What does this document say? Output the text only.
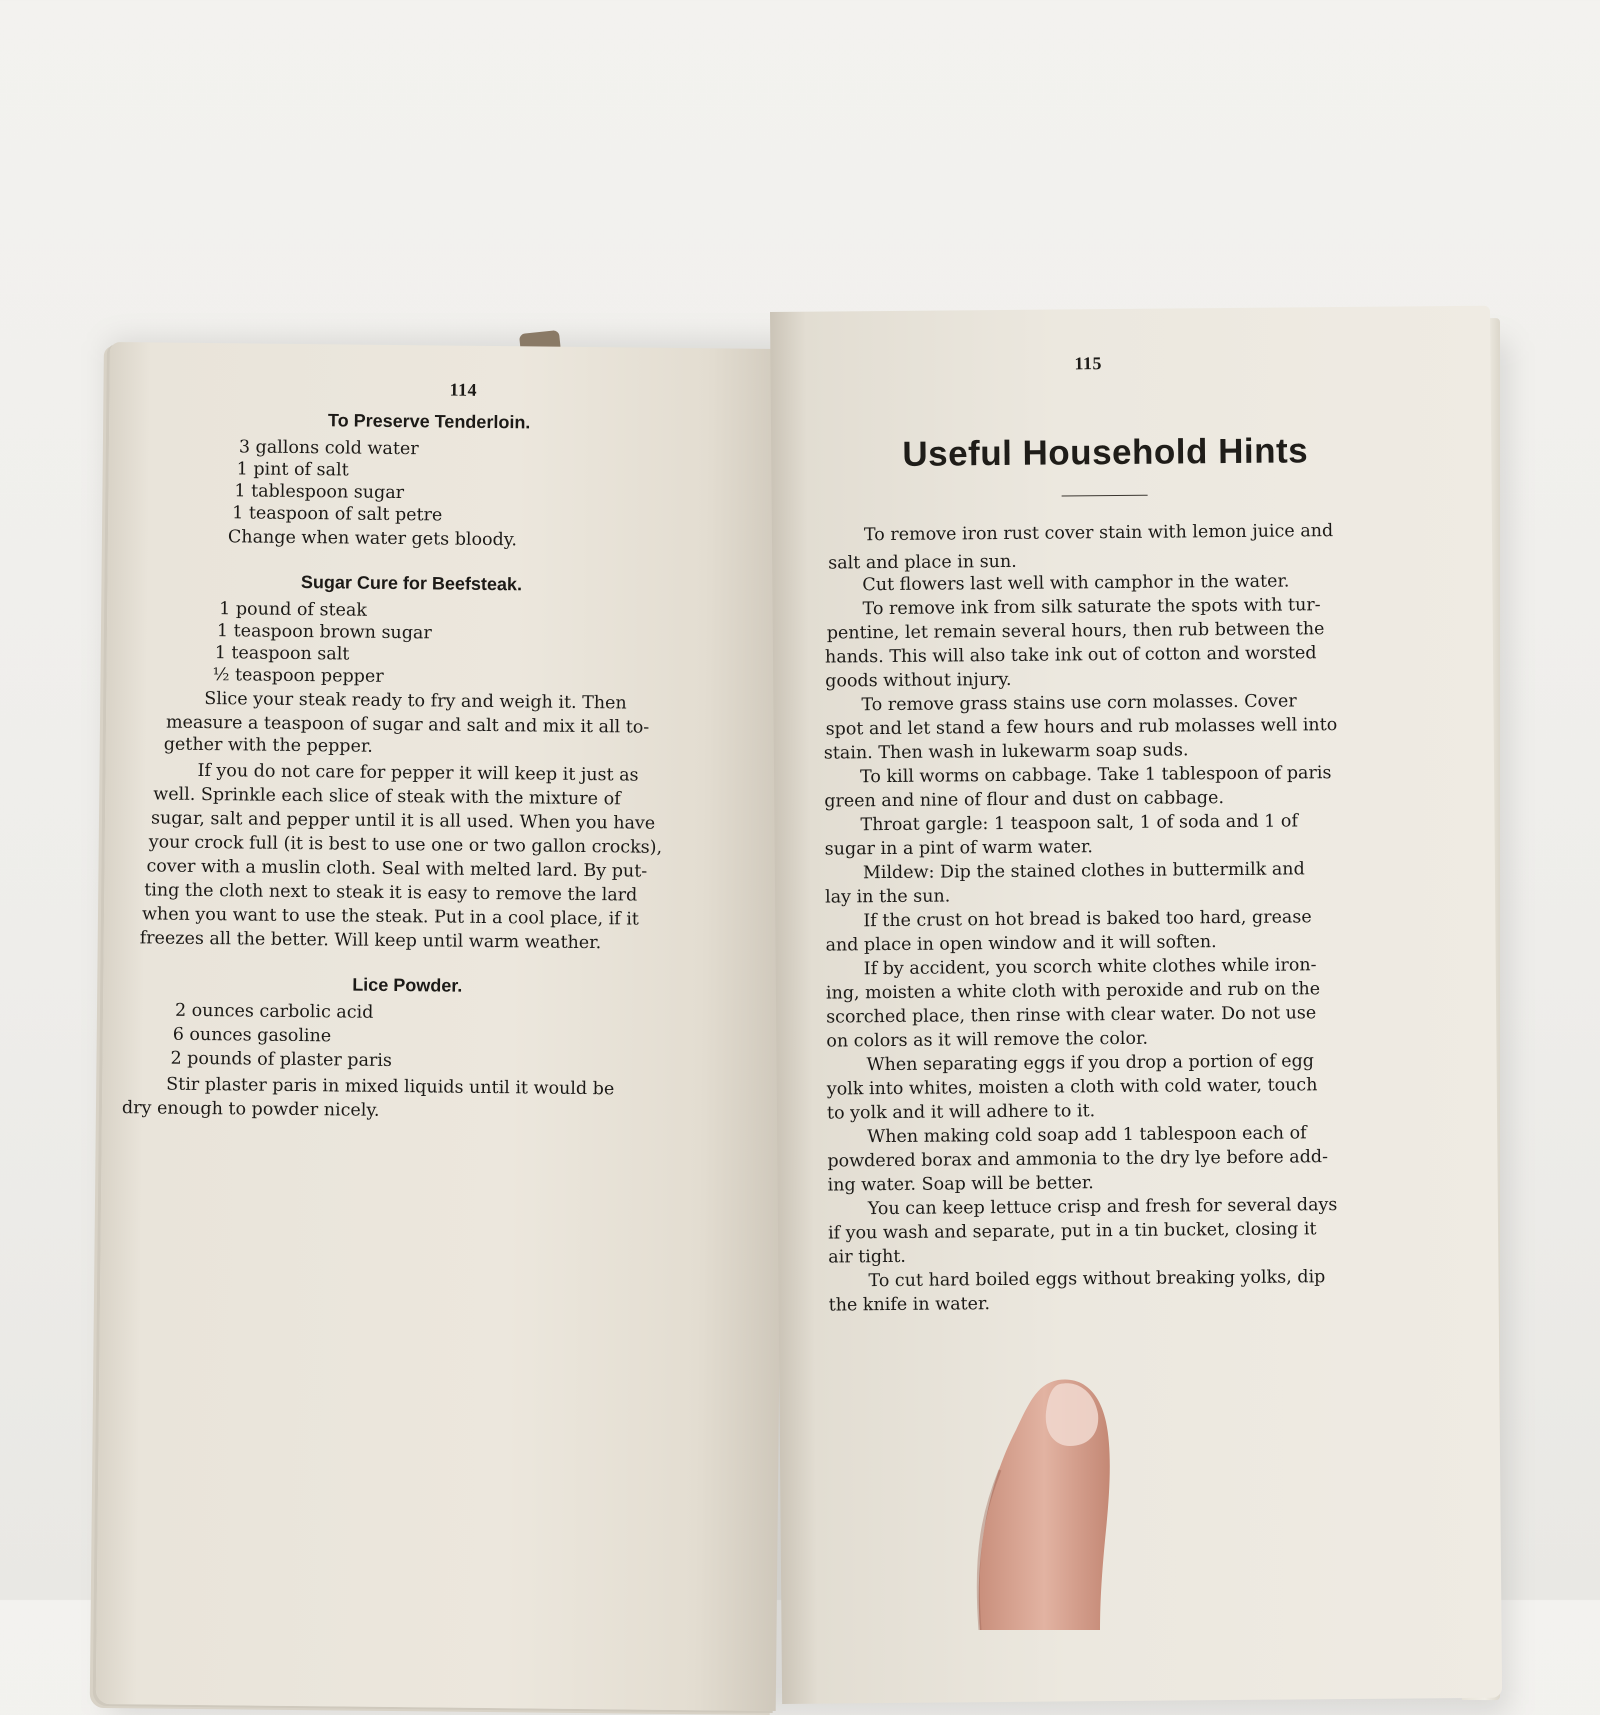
114
To Preserve Tenderloin.
3 gallons cold water
1 pint of salt
1 tablespoon sugar
1 teaspoon of salt petre
Change when water gets bloody.
Sugar Cure for Beefsteak.
1 pound of steak
1 teaspoon brown sugar
1 teaspoon salt
½ teaspoon pepper
Slice your steak ready to fry and weigh it. Then
measure a teaspoon of sugar and salt and mix it all to-
gether with the pepper.
If you do not care for pepper it will keep it just as
well. Sprinkle each slice of steak with the mixture of
sugar, salt and pepper until it is all used. When you have
your crock full (it is best to use one or two gallon crocks),
cover with a muslin cloth. Seal with melted lard. By put-
ting the cloth next to steak it is easy to remove the lard
when you want to use the steak. Put in a cool place, if it
freezes all the better. Will keep until warm weather.
Lice Powder.
2 ounces carbolic acid
6 ounces gasoline
2 pounds of plaster paris
Stir plaster paris in mixed liquids until it would be
dry enough to powder nicely.
115
Useful Household Hints
To remove iron rust cover stain with lemon juice and
salt and place in sun.
Cut flowers last well with camphor in the water.
To remove ink from silk saturate the spots with tur-
pentine, let remain several hours, then rub between the
hands. This will also take ink out of cotton and worsted
goods without injury.
To remove grass stains use corn molasses. Cover
spot and let stand a few hours and rub molasses well into
stain. Then wash in lukewarm soap suds.
To kill worms on cabbage. Take 1 tablespoon of paris
green and nine of flour and dust on cabbage.
Throat gargle: 1 teaspoon salt, 1 of soda and 1 of
sugar in a pint of warm water.
Mildew: Dip the stained clothes in buttermilk and
lay in the sun.
If the crust on hot bread is baked too hard, grease
and place in open window and it will soften.
If by accident, you scorch white clothes while iron-
ing, moisten a white cloth with peroxide and rub on the
scorched place, then rinse with clear water. Do not use
on colors as it will remove the color.
When separating eggs if you drop a portion of egg
yolk into whites, moisten a cloth with cold water, touch
to yolk and it will adhere to it.
When making cold soap add 1 tablespoon each of
powdered borax and ammonia to the dry lye before add-
ing water. Soap will be better.
You can keep lettuce crisp and fresh for several days
if you wash and separate, put in a tin bucket, closing it
air tight.
To cut hard boiled eggs without breaking yolks, dip
the knife in water.
